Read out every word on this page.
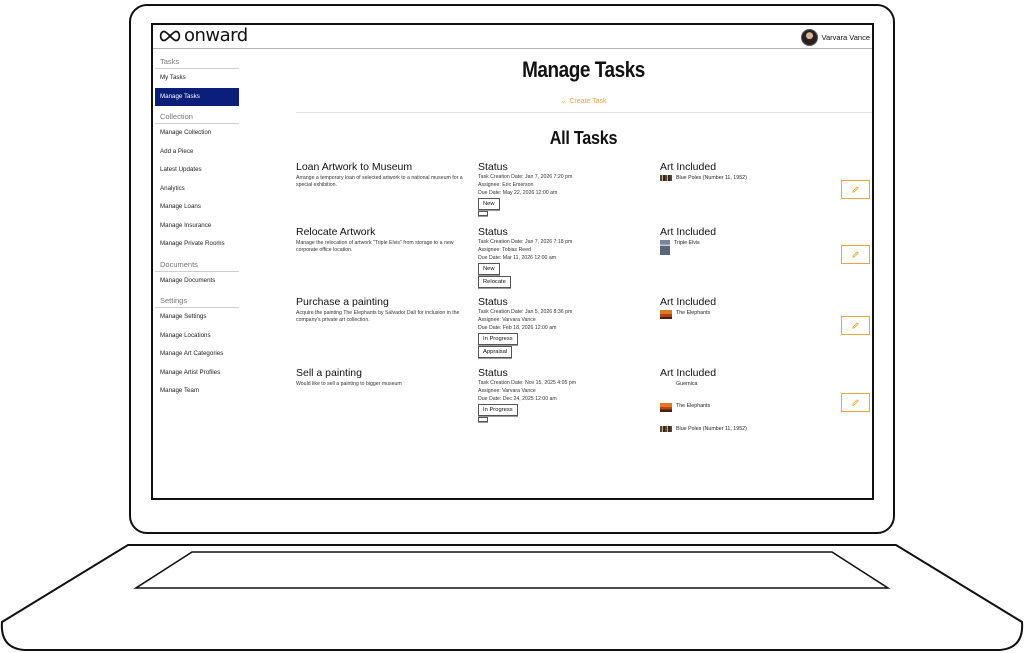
onward	Varvara Vance
Tasks
My Tasks
Manage Tasks
Collection
Manage Collection
Add a Piece
Latest Updates
Analytics
Manage Loans
Manage Insurance
Manage Private Rooms
Documents
Manage Documents
Settings
Manage Settings
Manage Locations
Manage Art Categories
Manage Artist Profiles
Manage Team
Manage Tasks
⌄ Create Task
All Tasks
Loan Artwork to Museum
Arrange a temporary loan of selected artwork to a national museum for a special exhibition.
Status
Task Creation Date: Jan 7, 2026 7:20 pm
Assignee: Eric Emerson
Due Date: May 22, 2026 12:00 am
New
Art Included
Blue Poles (Number 11, 1952)
Relocate Artwork
Manage the relocation of artwork "Triple Elvis" from storage to a new corporate office location.
Status
Task Creation Date: Jan 7, 2026 7:18 pm
Assignee: Tobias Reed
Due Date: Mar 11, 2026 12:00 am
New
Relocate
Art Included
Triple Elvis
Purchase a painting
Acquire the painting The Elephants by Salvador Dalí for inclusion in the company's private art collection.
Status
Task Creation Date: Jan 5, 2026 8:36 pm
Assignee: Varvara Vance
Due Date: Feb 18, 2026 12:00 am
In Progress
Appraisal
Art Included
The Elephants
Sell a painting
Would like to sell a painting to bigger museum
Status
Task Creation Date: Nov 15, 2025 4:05 pm
Assignee: Varvara Vance
Due Date: Dec 24, 2025 12:00 am
In Progress
Art Included
Guernica
The Elephants
Blue Poles (Number 11, 1952)
